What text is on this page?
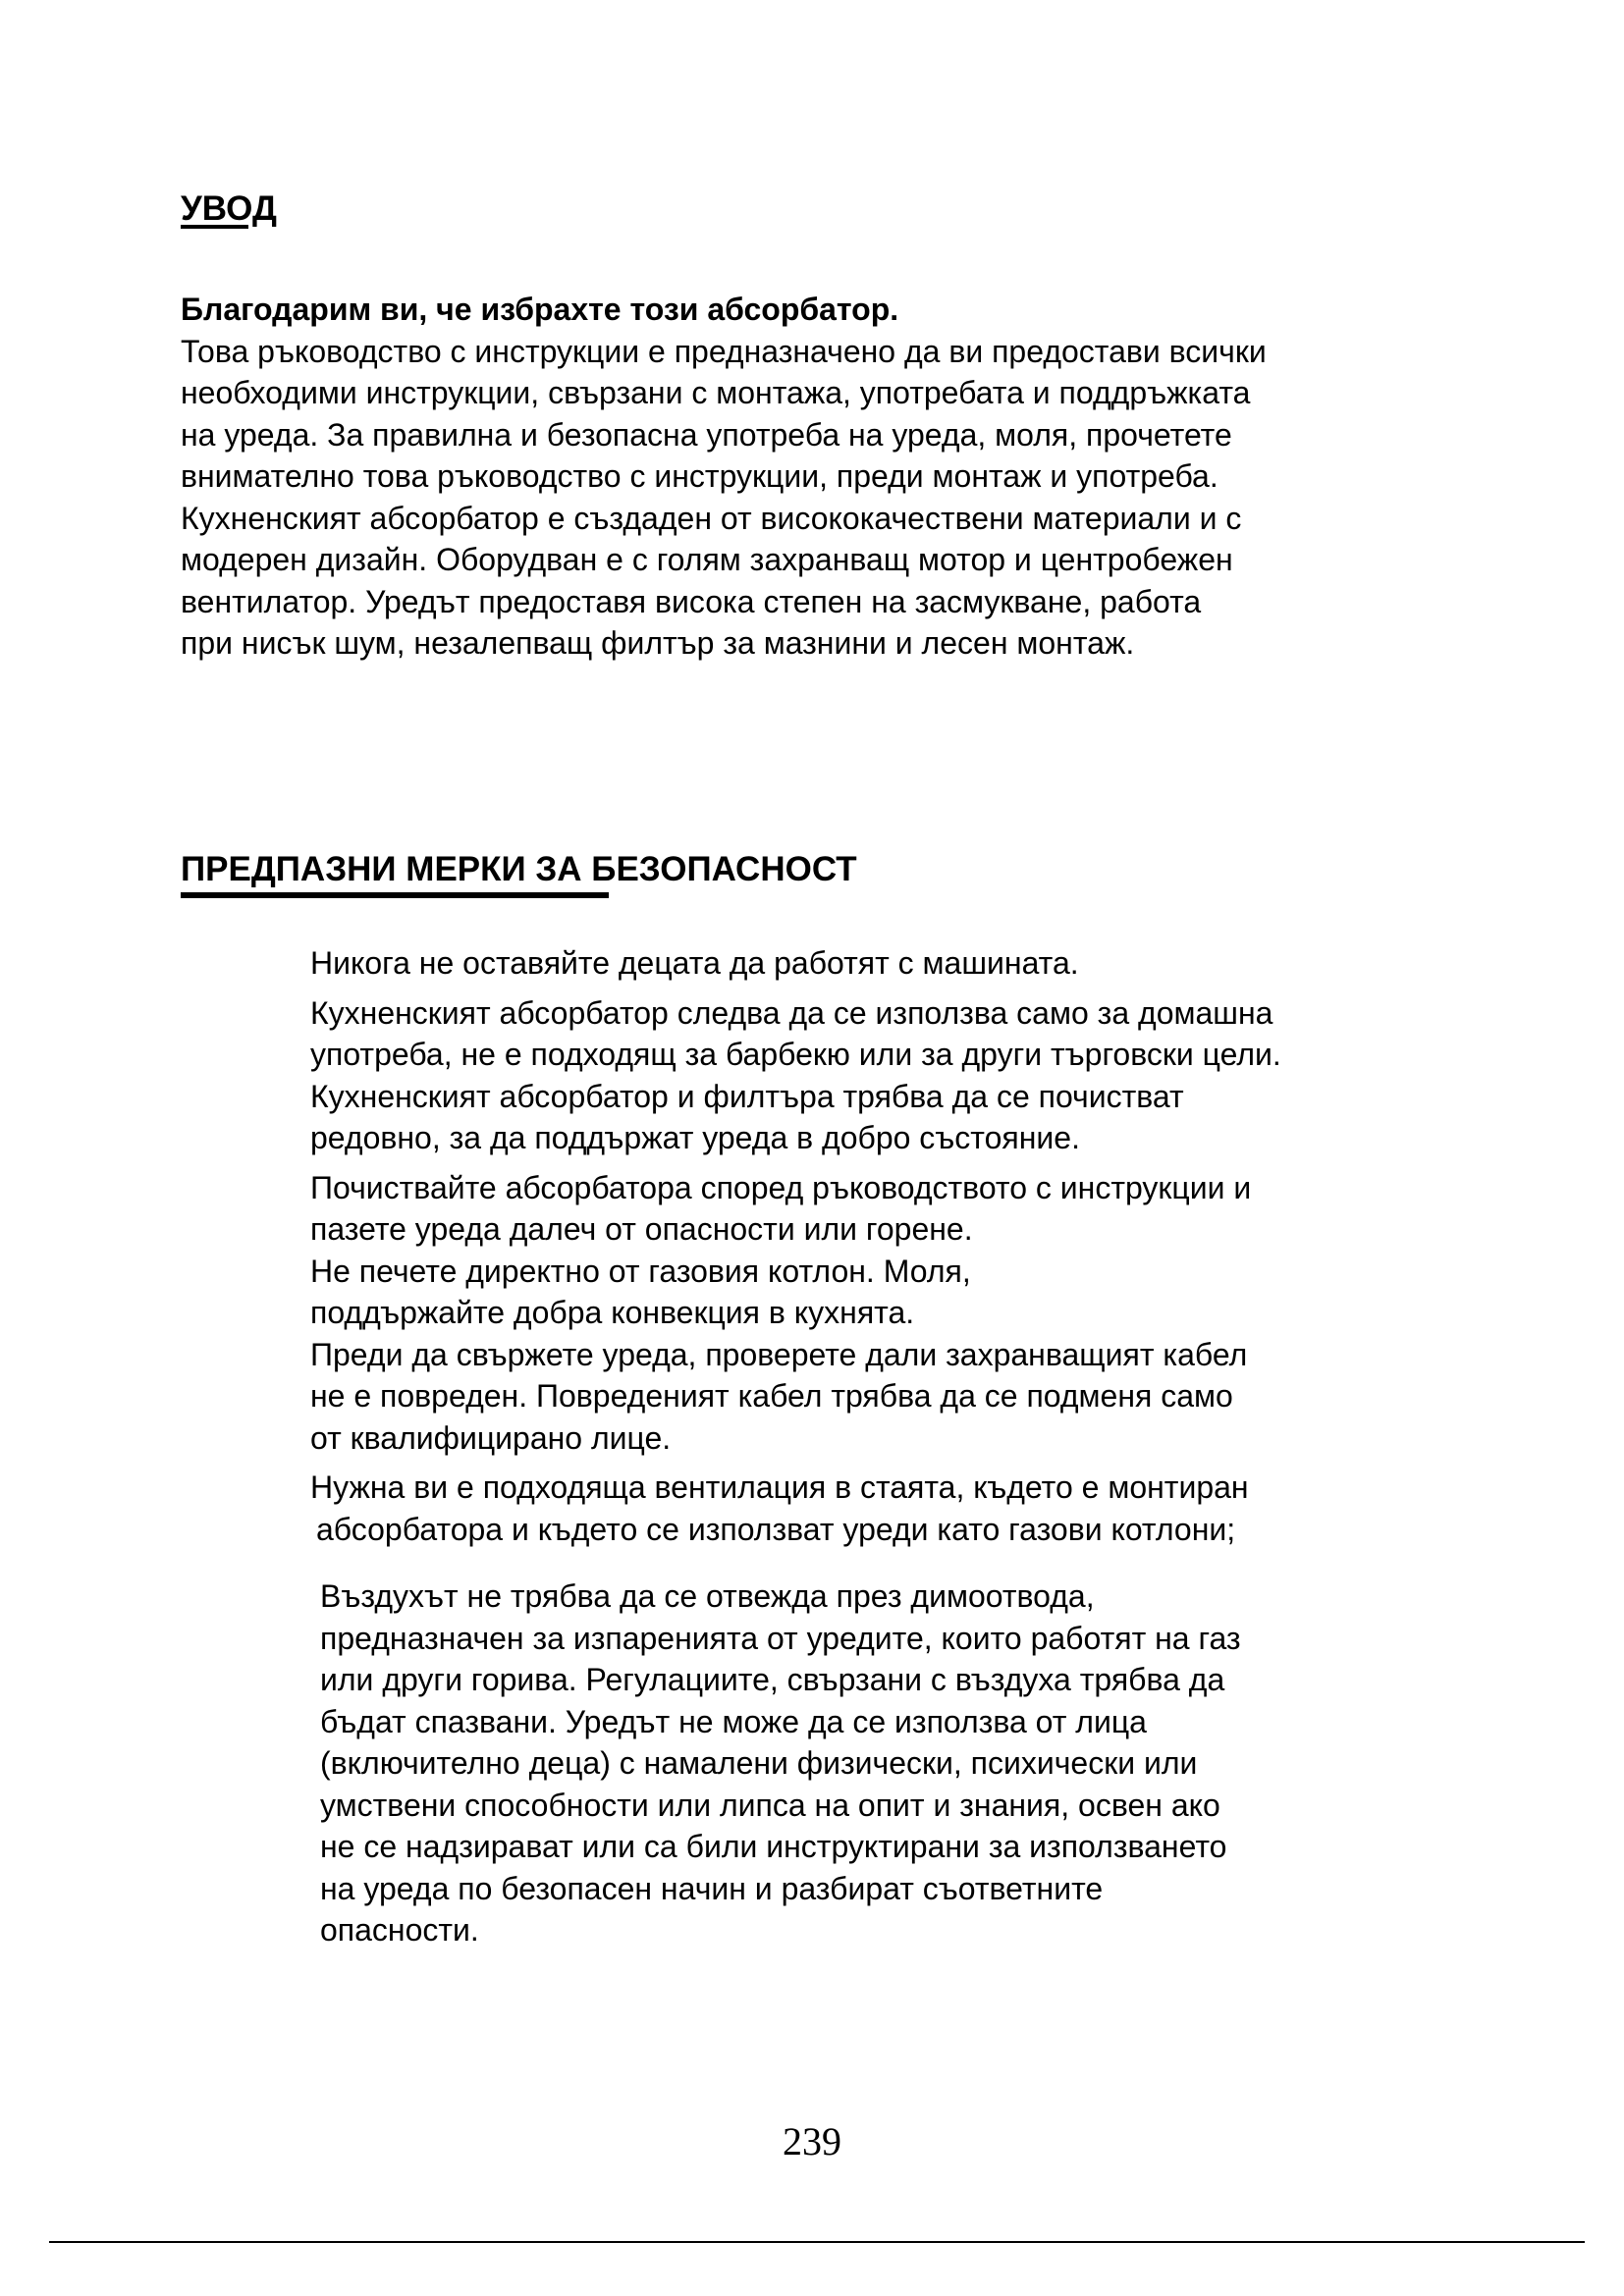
УВОД
Благодарим ви, че избрахте този абсорбатор.
Това ръководство с инструкции е предназначено да ви предостави всички
необходими инструкции, свързани с монтажа, употребата и поддръжката
на уреда. За правилна и безопасна употреба на уреда, моля, прочетете
внимателно това ръководство с инструкции, преди монтаж и употреба.
Кухненският абсорбатор е създаден от висококачествени материали и с
модерен дизайн. Оборудван е с голям захранващ мотор и центробежен
вентилатор. Уредът предоставя висока степен на засмукване, работа
при нисък шум, незалепващ филтър за мазнини и лесен монтаж.
ПРЕДПАЗНИ МЕРКИ ЗА БЕЗОПАСНОСТ
Никога не оставяйте децата да работят с машината.
Кухненският абсорбатор следва да се използва само за домашна
употреба, не е подходящ за барбекю или за други търговски цели.
Кухненският абсорбатор и филтъра трябва да се почистват
редовно, за да поддържат уреда в добро състояние.
Почиствайте абсорбатора според ръководството с инструкции и
пазете уреда далеч от опасности или горене.
Не печете директно от газовия котлон. Моля,
поддържайте добра конвекция в кухнята.
Преди да свържете уреда, проверете дали захранващият кабел
не е повреден. Повреденият кабел трябва да се подменя само
от квалифицирано лице.
Нужна ви е подходяща вентилация в стаята, където е монтиран
абсорбатора и където се използват уреди като газови котлони;
Въздухът не трябва да се отвежда през димоотвода,
предназначен за изпаренията от уредите, които работят на газ
или други горива. Регулациите, свързани с въздуха трябва да
бъдат спазвани. Уредът не може да се използва от лица
(включително деца) с намалени физически, психически или
умствени способности или липса на опит и знания, освен ако
не се надзирават или са били инструктирани за използването
на уреда по безопасен начин и разбират съответните
опасности.
239
